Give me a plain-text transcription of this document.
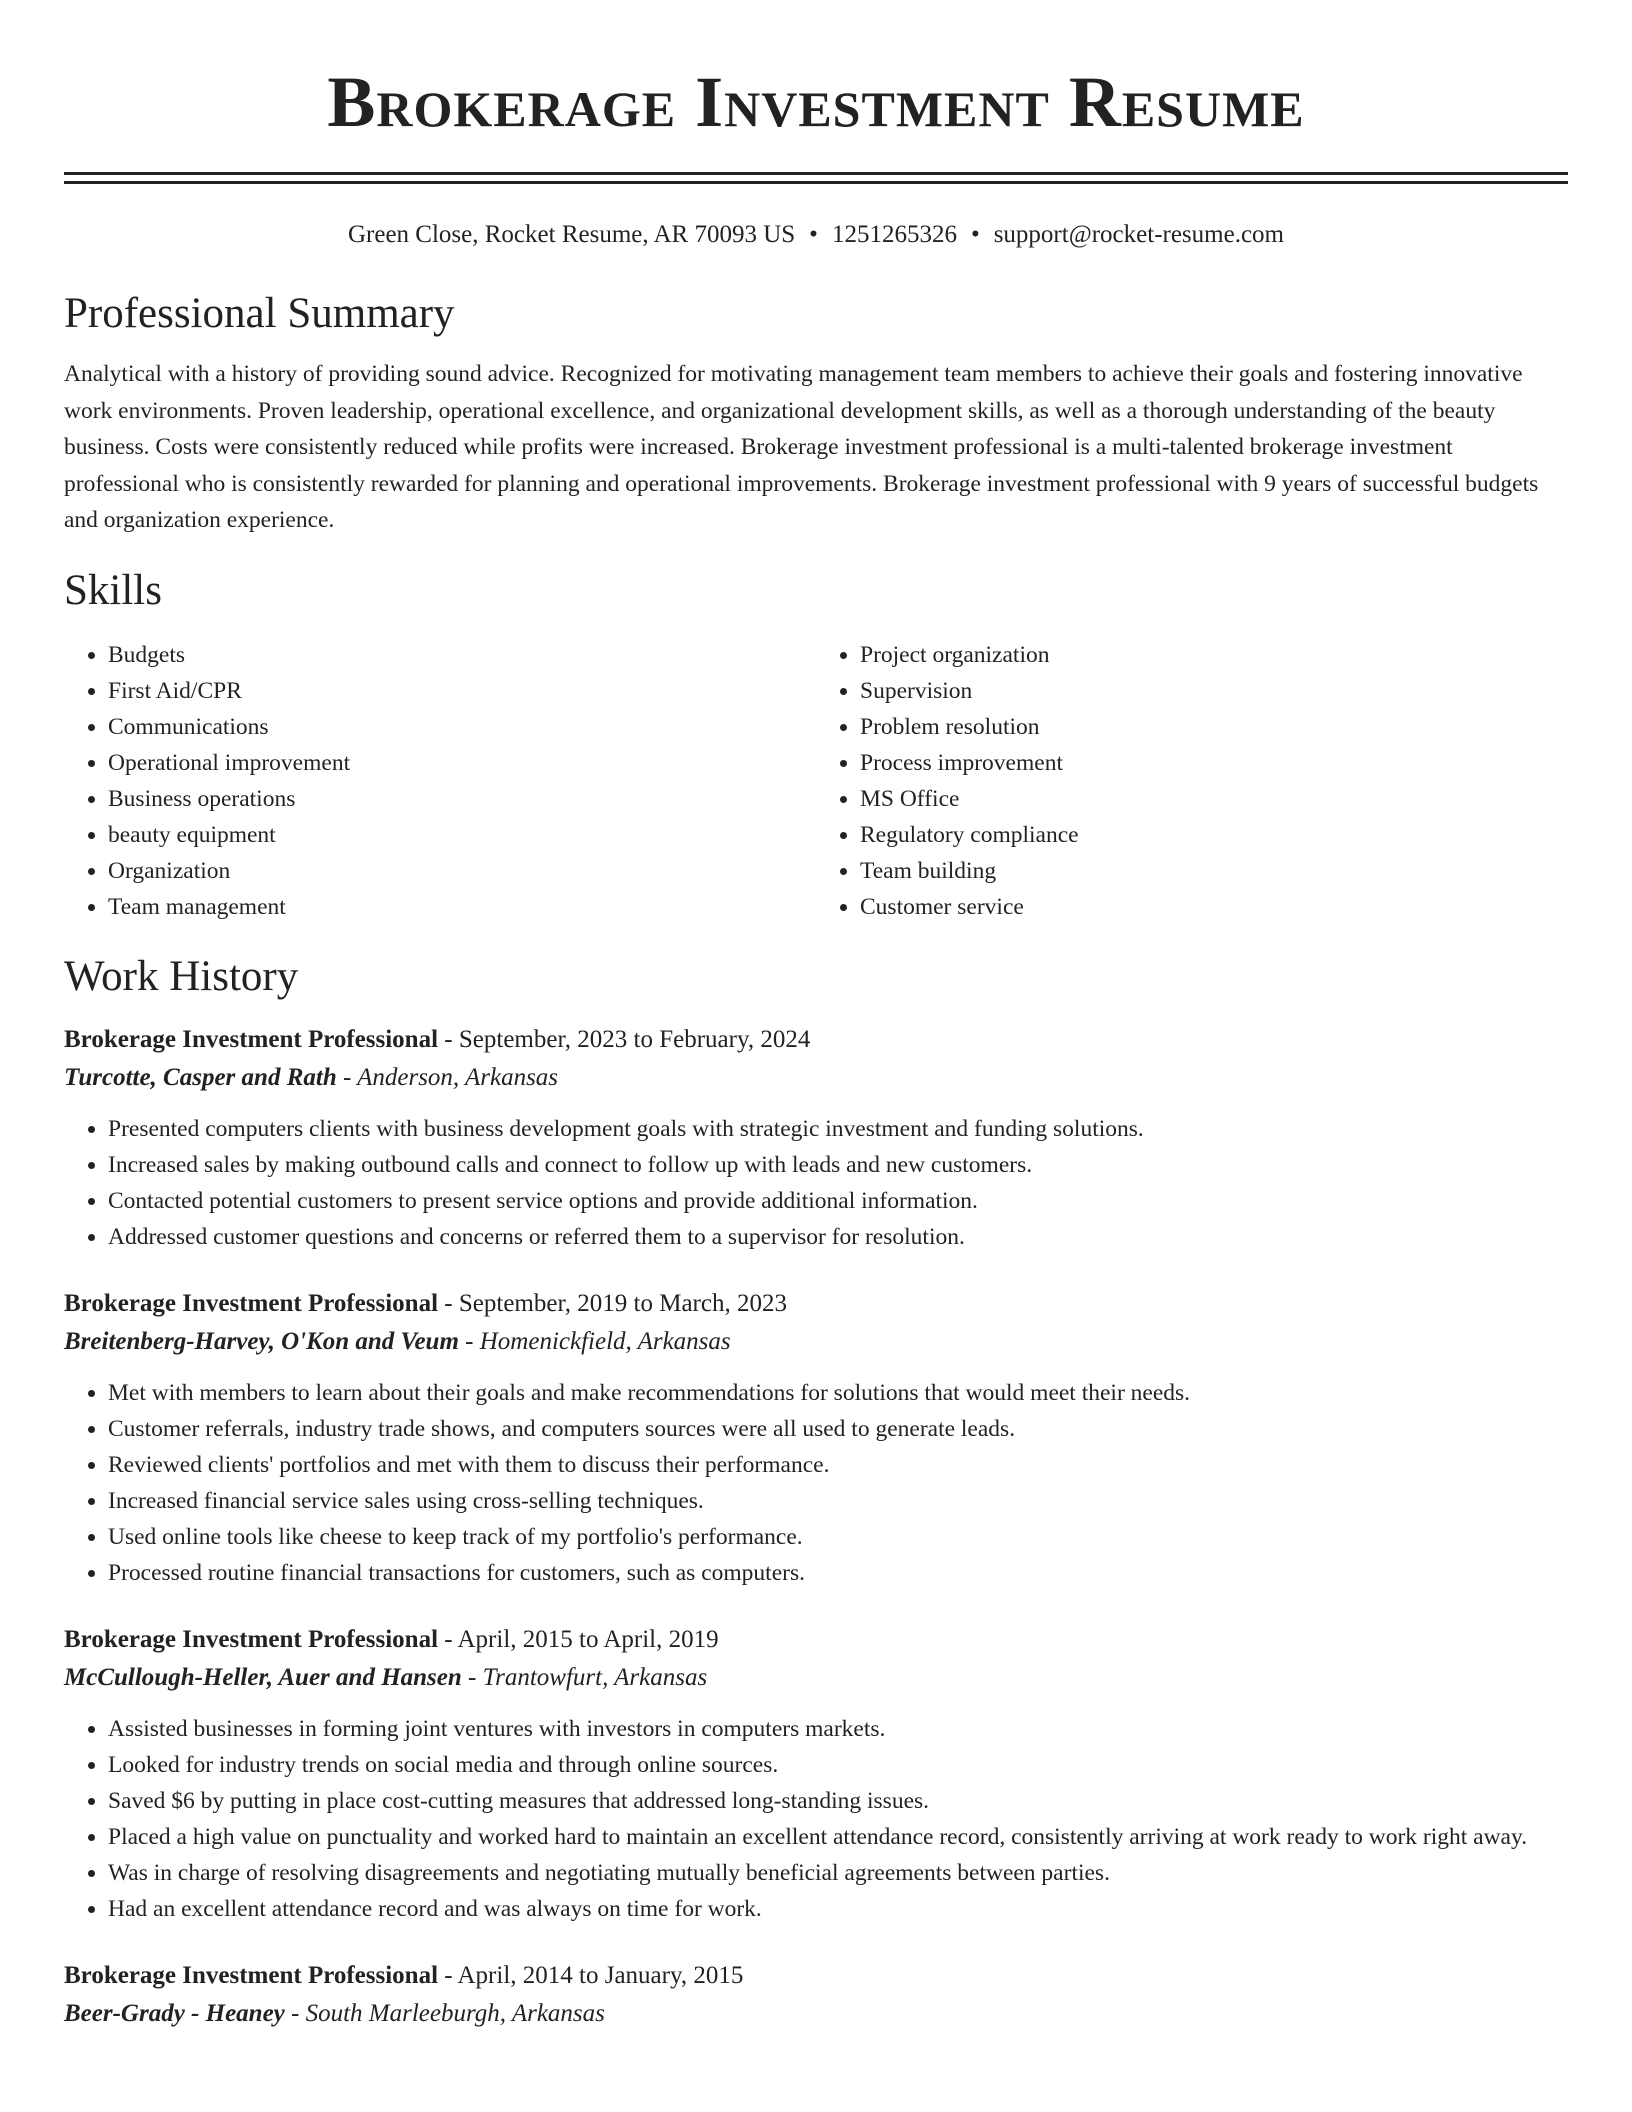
Brokerage Investment Resume
Green Close, Rocket Resume, AR 70093 US • 1251265326 • support@rocket-resume.com
Professional Summary

Analytical with a history of providing sound advice. Recognized for motivating management team members to achieve their goals and fostering innovative work environments. Proven leadership, operational excellence, and organizational development skills, as well as a thorough understanding of the beauty business. Costs were consistently reduced while profits were increased. Brokerage investment professional is a multi-talented brokerage investment professional who is consistently rewarded for planning and operational improvements. Brokerage investment professional with 9 years of successful budgets and organization experience.

Skills
• Budgets
• First Aid/CPR
• Communications
• Operational improvement
• Business operations
• beauty equipment
• Organization
• Team management
• Project organization
• Supervision
• Problem resolution
• Process improvement
• MS Office
• Regulatory compliance
• Team building
• Customer service
Work History
Brokerage Investment Professional - September, 2023 to February, 2024
Turcotte, Casper and Rath - Anderson, Arkansas
• Presented computers clients with business development goals with strategic investment and funding solutions.
• Increased sales by making outbound calls and connect to follow up with leads and new customers.
• Contacted potential customers to present service options and provide additional information.
• Addressed customer questions and concerns or referred them to a supervisor for resolution.
Brokerage Investment Professional - September, 2019 to March, 2023
Breitenberg-Harvey, O'Kon and Veum - Homenickfield, Arkansas
• Met with members to learn about their goals and make recommendations for solutions that would meet their needs.
• Customer referrals, industry trade shows, and computers sources were all used to generate leads.
• Reviewed clients' portfolios and met with them to discuss their performance.
• Increased financial service sales using cross-selling techniques.
• Used online tools like cheese to keep track of my portfolio's performance.
• Processed routine financial transactions for customers, such as computers.
Brokerage Investment Professional - April, 2015 to April, 2019
McCullough-Heller, Auer and Hansen - Trantowfurt, Arkansas
• Assisted businesses in forming joint ventures with investors in computers markets.
• Looked for industry trends on social media and through online sources.
• Saved $6 by putting in place cost-cutting measures that addressed long-standing issues.
• Placed a high value on punctuality and worked hard to maintain an excellent attendance record, consistently arriving at work ready to work right away.
• Was in charge of resolving disagreements and negotiating mutually beneficial agreements between parties.
• Had an excellent attendance record and was always on time for work.
Brokerage Investment Professional - April, 2014 to January, 2015
Beer-Grady - Heaney - South Marleeburgh, Arkansas
